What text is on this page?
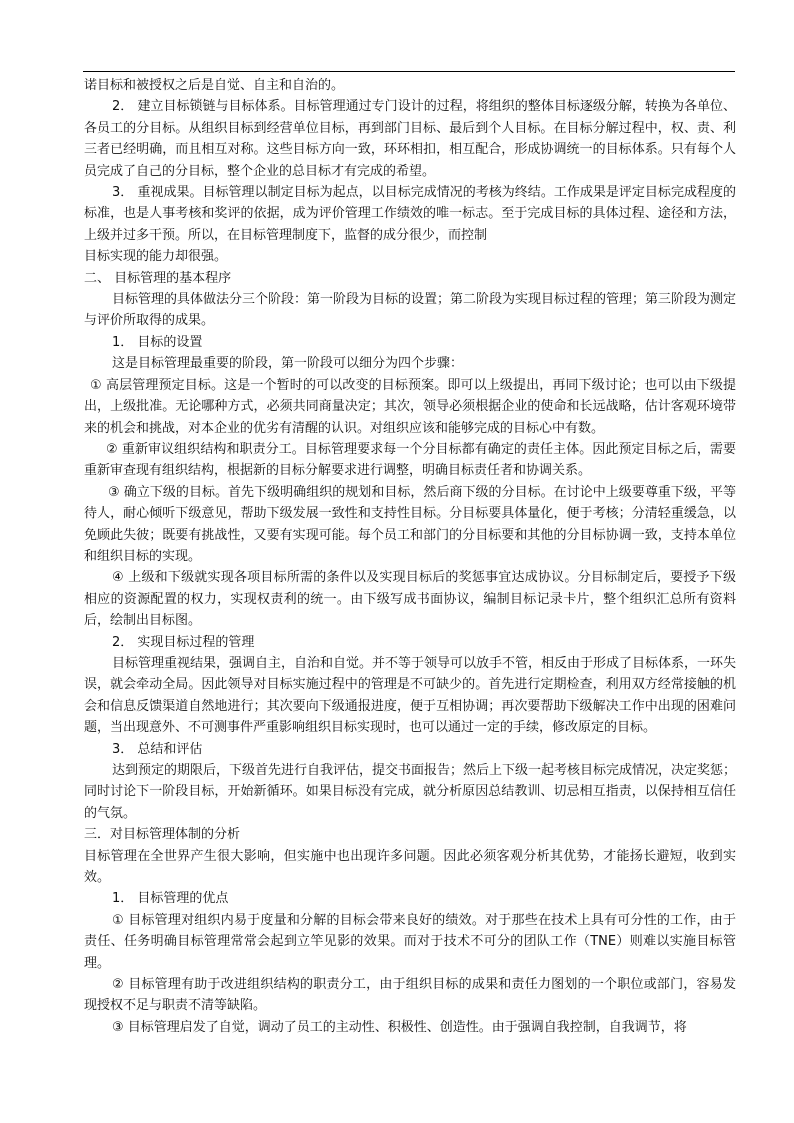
诺目标和被授权之后是自觉、自主和自治的。

2． 建立目标锁链与目标体系。目标管理通过专门设计的过程，将组织的整体目标逐级分解，转换为各单位、各员工的分目标。从组织目标到经营单位目标，再到部门目标、最后到个人目标。在目标分解过程中，权、责、利三者已经明确，而且相互对称。这些目标方向一致，环环相扣，相互配合，形成协调统一的目标体系。只有每个人员完成了自己的分目标，整个企业的总目标才有完成的希望。

3． 重视成果。目标管理以制定目标为起点，以目标完成情况的考核为终结。工作成果是评定目标完成程度的标准，也是人事考核和奖评的依据，成为评价管理工作绩效的唯一标志。至于完成目标的具体过程、途径和方法，上级并过多干预。所以，在目标管理制度下，监督的成分很少，而控制

目标实现的能力却很强。

二、 目标管理的基本程序

目标管理的具体做法分三个阶段：第一阶段为目标的设置；第二阶段为实现目标过程的管理；第三阶段为测定与评价所取得的成果。

1． 目标的设置

这是目标管理最重要的阶段，第一阶段可以细分为四个步骤：

① 高层管理预定目标。这是一个暂时的可以改变的目标预案。即可以上级提出，再同下级讨论；也可以由下级提出，上级批准。无论哪种方式，必须共同商量决定；其次，领导必须根据企业的使命和长远战略，估计客观环境带来的机会和挑战，对本企业的优劣有清醒的认识。对组织应该和能够完成的目标心中有数。

② 重新审议组织结构和职责分工。目标管理要求每一个分目标都有确定的责任主体。因此预定目标之后，需要重新审查现有组织结构，根据新的目标分解要求进行调整，明确目标责任者和协调关系。

③ 确立下级的目标。首先下级明确组织的规划和目标，然后商下级的分目标。在讨论中上级要尊重下级，平等待人，耐心倾听下级意见，帮助下级发展一致性和支持性目标。分目标要具体量化，便于考核；分清轻重缓急，以免顾此失彼；既要有挑战性，又要有实现可能。每个员工和部门的分目标要和其他的分目标协调一致，支持本单位和组织目标的实现。

④ 上级和下级就实现各项目标所需的条件以及实现目标后的奖惩事宜达成协议。分目标制定后，要授予下级相应的资源配置的权力，实现权责利的统一。由下级写成书面协议，编制目标记录卡片，整个组织汇总所有资料后，绘制出目标图。

2． 实现目标过程的管理

目标管理重视结果，强调自主，自治和自觉。并不等于领导可以放手不管，相反由于形成了目标体系，一环失误，就会牵动全局。因此领导对目标实施过程中的管理是不可缺少的。首先进行定期检查，利用双方经常接触的机会和信息反馈渠道自然地进行；其次要向下级通报进度，便于互相协调；再次要帮助下级解决工作中出现的困难问题，当出现意外、不可测事件严重影响组织目标实现时，也可以通过一定的手续，修改原定的目标。

3． 总结和评估

达到预定的期限后，下级首先进行自我评估，提交书面报告；然后上下级一起考核目标完成情况，决定奖惩；同时讨论下一阶段目标，开始新循环。如果目标没有完成，就分析原因总结教训、切忌相互指责，以保持相互信任的气氛。

三．对目标管理体制的分析

目标管理在全世界产生很大影响，但实施中也出现许多问题。因此必须客观分析其优势，才能扬长避短，收到实效。

1． 目标管理的优点

① 目标管理对组织内易于度量和分解的目标会带来良好的绩效。对于那些在技术上具有可分性的工作，由于责任、任务明确目标管理常常会起到立竿见影的效果。而对于技术不可分的团队工作（TNE）则难以实施目标管理。

② 目标管理有助于改进组织结构的职责分工，由于组织目标的成果和责任力图划的一个职位或部门，容易发现授权不足与职责不清等缺陷。

③ 目标管理启发了自觉，调动了员工的主动性、积极性、创造性。由于强调自我控制，自我调节，将
